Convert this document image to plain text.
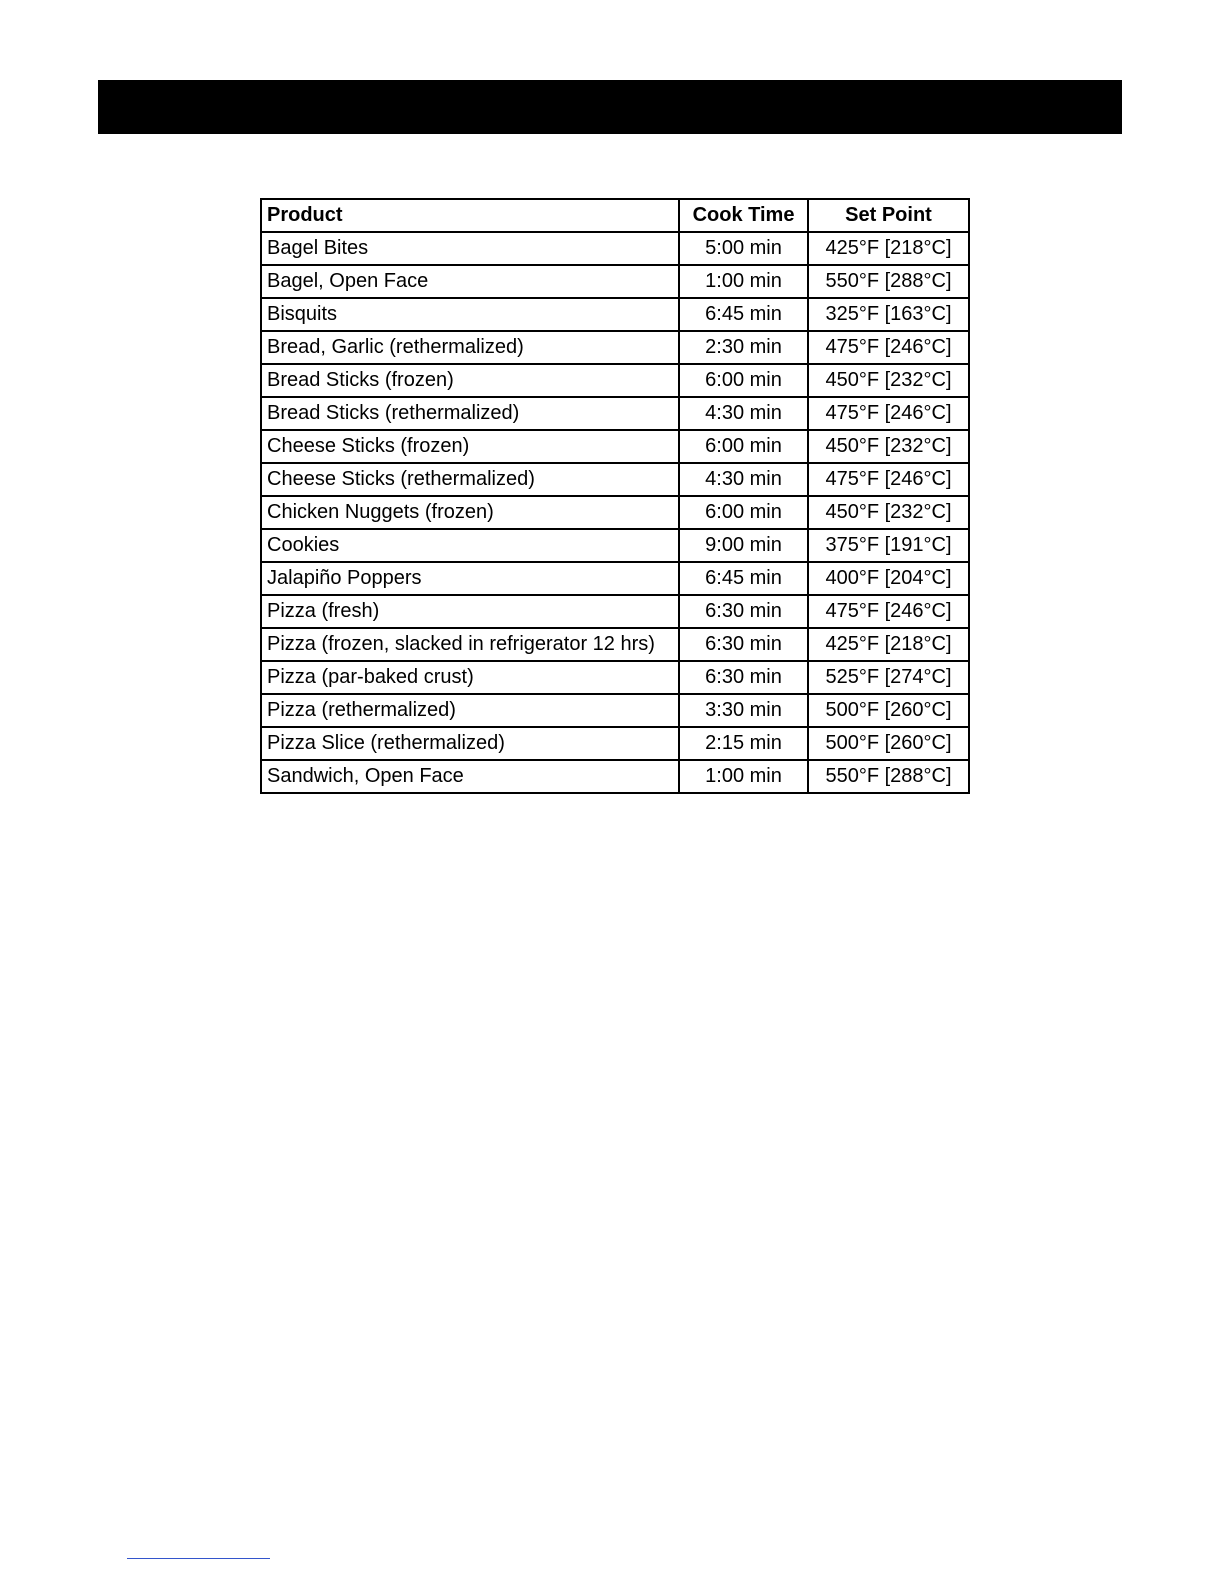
Product	Cook Time	Set Point
Bagel Bites	5:00 min	425°F [218°C]
Bagel, Open Face	1:00 min	550°F [288°C]
Bisquits	6:45 min	325°F [163°C]
Bread, Garlic (rethermalized)	2:30 min	475°F [246°C]
Bread Sticks (frozen)	6:00 min	450°F [232°C]
Bread Sticks (rethermalized)	4:30 min	475°F [246°C]
Cheese Sticks (frozen)	6:00 min	450°F [232°C]
Cheese Sticks (rethermalized)	4:30 min	475°F [246°C]
Chicken Nuggets (frozen)	6:00 min	450°F [232°C]
Cookies	9:00 min	375°F [191°C]
Jalapiño Poppers	6:45 min	400°F [204°C]
Pizza (fresh)	6:30 min	475°F [246°C]
Pizza (frozen, slacked in refrigerator 12 hrs)	6:30 min	425°F [218°C]
Pizza (par-baked crust)	6:30 min	525°F [274°C]
Pizza (rethermalized)	3:30 min	500°F [260°C]
Pizza Slice (rethermalized)	2:15 min	500°F [260°C]
Sandwich, Open Face	1:00 min	550°F [288°C]
